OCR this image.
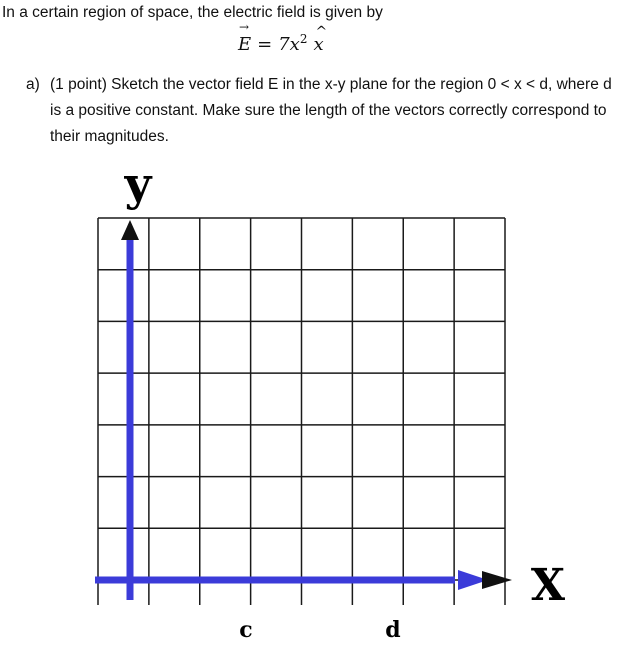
In a certain region of space, the electric field is given by
→ $E = 7x^2$
^ x
a) (1 point) Sketch the vector field E in the x-y plane for the region 0 < x < d, where d is a positive constant. Make sure the length of the vectors correctly correspond to their magnitudes.
y
X
c	d
